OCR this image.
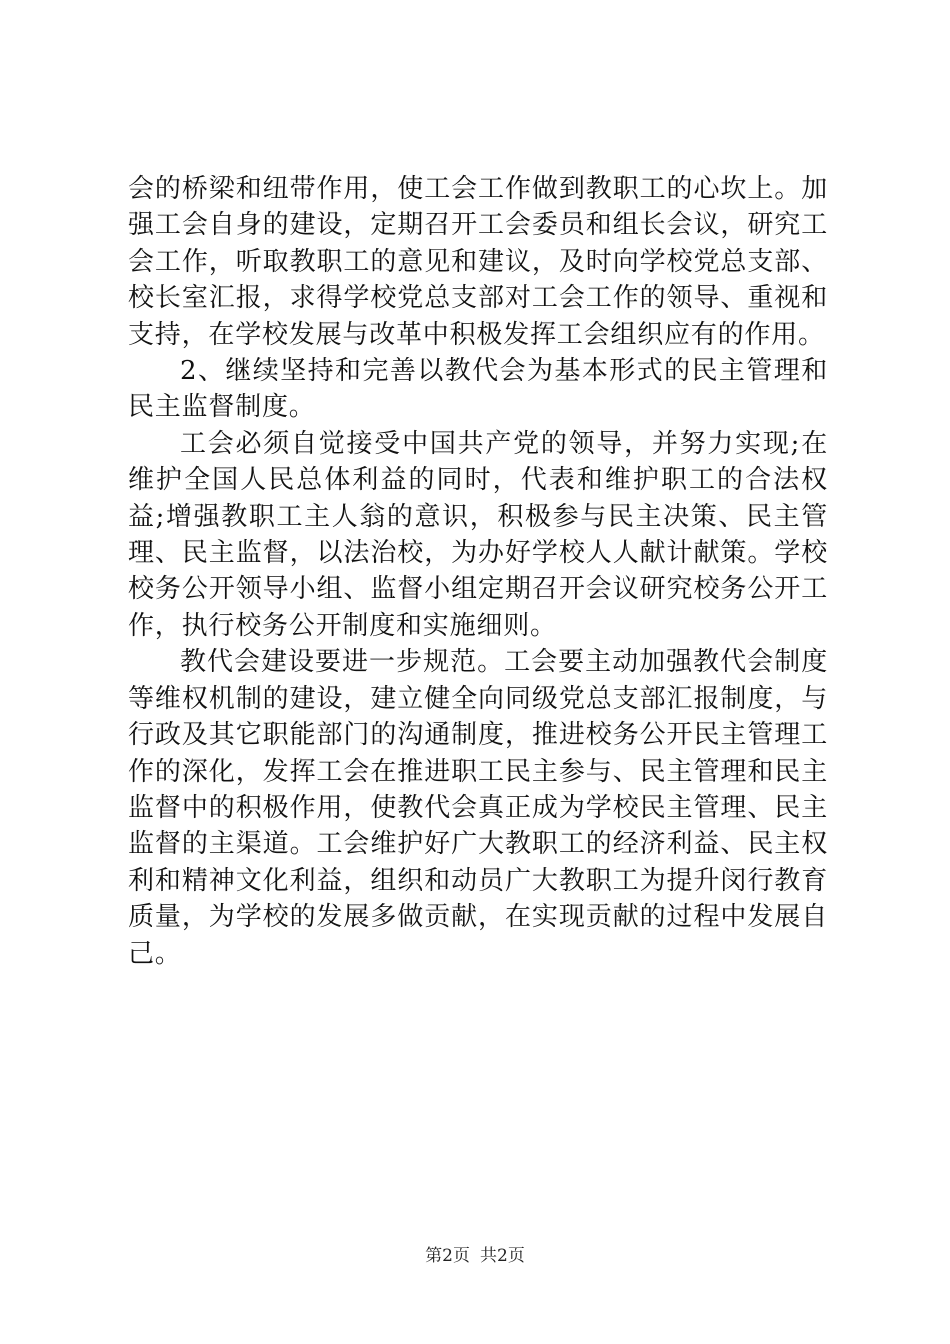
会的桥梁和纽带作用，使工会工作做到教职工的心坎上。加强工会自身的建设，定期召开工会委员和组长会议，研究工会工作，听取教职工的意见和建议，及时向学校党总支部、校长室汇报，求得学校党总支部对工会工作的领导、重视和支持，在学校发展与改革中积极发挥工会组织应有的作用。

2、继续坚持和完善以教代会为基本形式的民主管理和民主监督制度。

工会必须自觉接受中国共产党的领导，并努力实现;在维护全国人民总体利益的同时，代表和维护职工的合法权益;增强教职工主人翁的意识，积极参与民主决策、民主管理、民主监督，以法治校，为办好学校人人献计献策。学校校务公开领导小组、监督小组定期召开会议研究校务公开工作，执行校务公开制度和实施细则。

教代会建设要进一步规范。工会要主动加强教代会制度等维权机制的建设，建立健全向同级党总支部汇报制度，与行政及其它职能部门的沟通制度，推进校务公开民主管理工作的深化，发挥工会在推进职工民主参与、民主管理和民主监督中的积极作用，使教代会真正成为学校民主管理、民主监督的主渠道。工会维护好广大教职工的经济利益、民主权利和精神文化利益，组织和动员广大教职工为提升闵行教育质量，为学校的发展多做贡献，在实现贡献的过程中发展自己。

第2页 共2页
